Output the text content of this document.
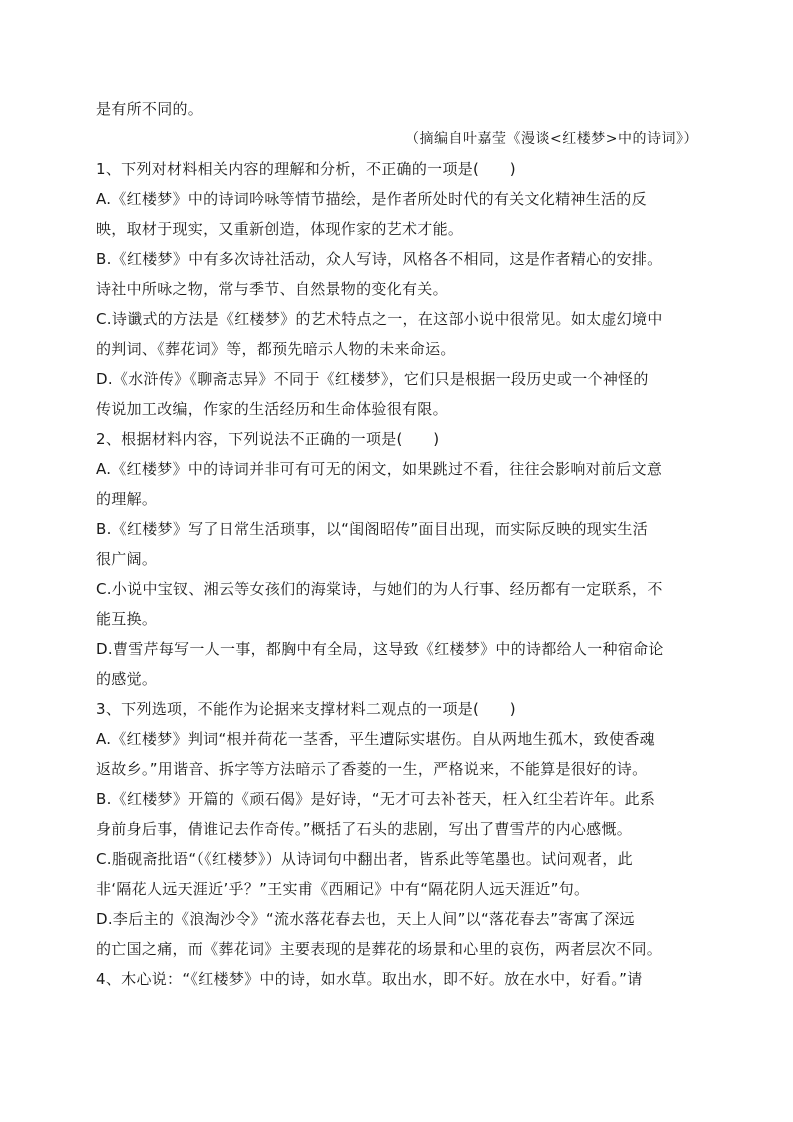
是有所不同的。

（摘编自叶嘉莹《漫谈<红楼梦>中的诗词》）

1、下列对材料相关内容的理解和分析，不正确的一项是(　　)

A.《红楼梦》中的诗词吟咏等情节描绘，是作者所处时代的有关文化精神生活的反

映，取材于现实，又重新创造，体现作家的艺术才能。

B.《红楼梦》中有多次诗社活动，众人写诗，风格各不相同，这是作者精心的安排。

诗社中所咏之物，常与季节、自然景物的变化有关。

C.诗谶式的方法是《红楼梦》的艺术特点之一，在这部小说中很常见。如太虚幻境中

的判词、《葬花词》等，都预先暗示人物的未来命运。

D.《水浒传》《聊斋志异》不同于《红楼梦》，它们只是根据一段历史或一个神怪的

传说加工改编，作家的生活经历和生命体验很有限。

2、根据材料内容，下列说法不正确的一项是(　　)

A.《红楼梦》中的诗词并非可有可无的闲文，如果跳过不看，往往会影响对前后文意

的理解。

B.《红楼梦》写了日常生活琐事，以“闺阁昭传”面目出现，而实际反映的现实生活

很广阔。

C.小说中宝钗、湘云等女孩们的海棠诗，与她们的为人行事、经历都有一定联系，不

能互换。

D.曹雪芹每写一人一事，都胸中有全局，这导致《红楼梦》中的诗都给人一种宿命论

的感觉。

3、下列选项，不能作为论据来支撑材料二观点的一项是(　　)

A.《红楼梦》判词“根并荷花一茎香，平生遭际实堪伤。自从两地生孤木，致使香魂

返故乡。”用谐音、拆字等方法暗示了香菱的一生，严格说来，不能算是很好的诗。

B.《红楼梦》开篇的《顽石偈》是好诗，“无才可去补苍天，枉入红尘若许年。此系

身前身后事，倩谁记去作奇传。”概括了石头的悲剧，写出了曹雪芹的内心感慨。

C.脂砚斋批语“（《红楼梦》）从诗词句中翻出者，皆系此等笔墨也。试问观者，此

非‘隔花人远天涯近’乎？”王实甫《西厢记》中有“隔花阴人远天涯近”句。

D.李后主的《浪淘沙令》“流水落花春去也，天上人间”以“落花春去”寄寓了深远

的亡国之痛，而《葬花词》主要表现的是葬花的场景和心里的哀伤，两者层次不同。

4、木心说：“《红楼梦》中的诗，如水草。取出水，即不好。放在水中，好看。”请
